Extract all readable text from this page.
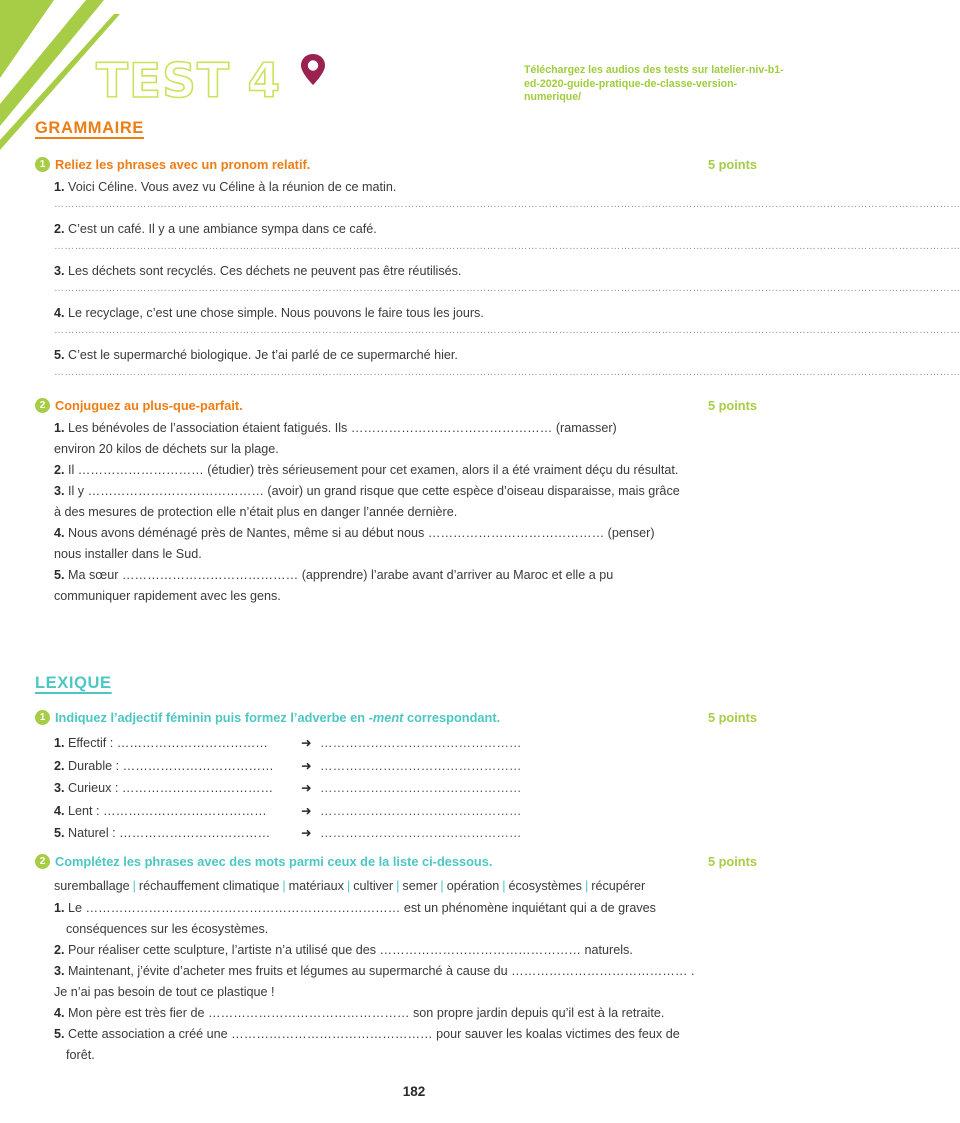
TEST 4	Téléchargez les audios des tests sur latelier-niv-b1-ed-2020-guide-pratique-de-classe-version-numerique/
GRAMMAIRE
1 Reliez les phrases avec un pronom relatif.	5 points
1. Voici Céline. Vous avez vu Céline à la réunion de ce matin.
…………………………………………………………………………………………………………………………………………………………………………………………………………………………………………
2. C’est un café. Il y a une ambiance sympa dans ce café.
…………………………………………………………………………………………………………………………………………………………………………………………………………………………………………
3. Les déchets sont recyclés. Ces déchets ne peuvent pas être réutilisés.
…………………………………………………………………………………………………………………………………………………………………………………………………………………………………………
4. Le recyclage, c’est une chose simple. Nous pouvons le faire tous les jours.
…………………………………………………………………………………………………………………………………………………………………………………………………………………………………………
5. C’est le supermarché biologique. Je t’ai parlé de ce supermarché hier.
…………………………………………………………………………………………………………………………………………………………………………………………………………………………………………
2 Conjuguez au plus-que-parfait.	5 points
1. Les bénévoles de l’association étaient fatigués. Ils ………………………………………… (ramasser)
environ 20 kilos de déchets sur la plage.
2. Il ………………………… (étudier) très sérieusement pour cet examen, alors il a été vraiment déçu du résultat.
3. Il y …………………………………… (avoir) un grand risque que cette espèce d’oiseau disparaisse, mais grâce
à des mesures de protection elle n’était plus en danger l’année dernière.
4. Nous avons déménagé près de Nantes, même si au début nous …………………………………… (penser)
nous installer dans le Sud.
5. Ma sœur …………………………………… (apprendre) l’arabe avant d’arriver au Maroc et elle a pu
communiquer rapidement avec les gens.
LEXIQUE
1 Indiquez l’adjectif féminin puis formez l’adverbe en -ment correspondant.	5 points
1. Effectif : ………………………………	➜ …………………………………………
2. Durable : ……………………………… ➜ …………………………………………
3. Curieux : ……………………………… ➜ …………………………………………
4. Lent : …………………………………	➜ …………………………………………
5. Naturel : ……………………………… ➜ …………………………………………
2 Complétez les phrases avec des mots parmi ceux de la liste ci-dessous.	5 points
suremballage | réchauffement climatique | matériaux | cultiver | semer | opération | écosystèmes | récupérer
1. Le ………………………………………………………………… est un phénomène inquiétant qui a de graves
conséquences sur les écosystèmes.
2. Pour réaliser cette sculpture, l’artiste n’a utilisé que des ………………………………………… naturels.
3. Maintenant, j’évite d’acheter mes fruits et légumes au supermarché à cause du …………………………………… .
Je n’ai pas besoin de tout ce plastique !
4. Mon père est très fier de ………………………………………… son propre jardin depuis qu’il est à la retraite.
5. Cette association a créé une ………………………………………… pour sauver les koalas victimes des feux de
forêt.
182
